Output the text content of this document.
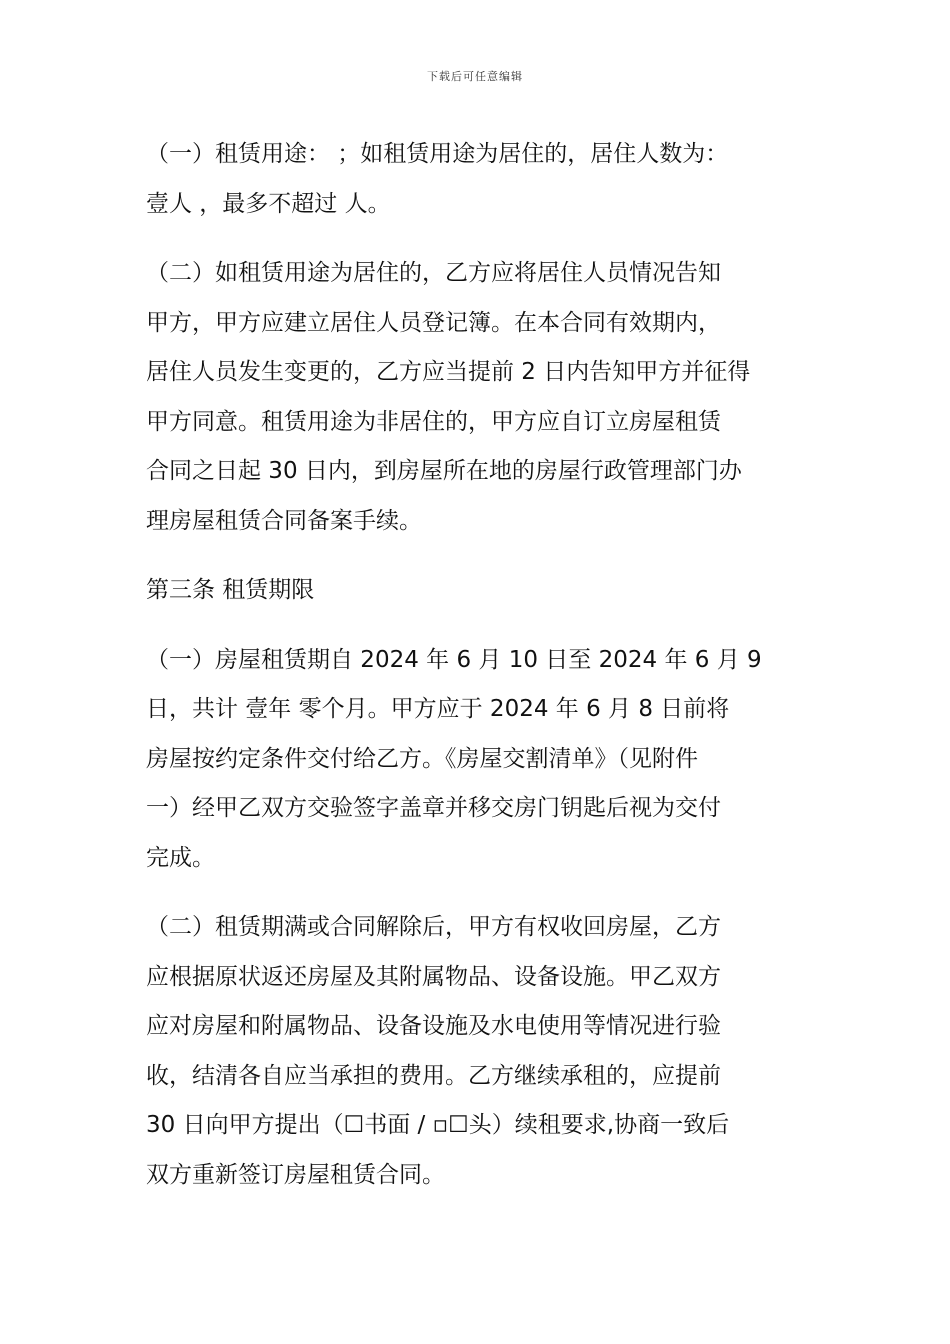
下载后可任意编辑

（一）租赁用途： ；如租赁用途为居住的，居住人数为：
壹人 ，最多不超过 人。

（二）如租赁用途为居住的，乙方应将居住人员情况告知
甲方，甲方应建立居住人员登记簿。在本合同有效期内，
居住人员发生变更的，乙方应当提前 2 日内告知甲方并征得
甲方同意。租赁用途为非居住的，甲方应自订立房屋租赁
合同之日起 30 日内，到房屋所在地的房屋行政管理部门办
理房屋租赁合同备案手续。

第三条 租赁期限

（一）房屋租赁期自 2024 年 6 月 10 日至 2024 年 6 月 9
日，共计 壹年 零个月。甲方应于 2024 年 6 月 8 日前将
房屋按约定条件交付给乙方。《房屋交割清单》（见附件
一）经甲乙双方交验签字盖章并移交房门钥匙后视为交付
完成。

（二）租赁期满或合同解除后，甲方有权收回房屋，乙方
应根据原状返还房屋及其附属物品、设备设施。甲乙双方
应对房屋和附属物品、设备设施及水电使用等情况进行验
收，结清各自应当承担的费用。乙方继续承租的，应提前
30 日向甲方提出（☐书面 / ▫☐头）续租要求,协商一致后
双方重新签订房屋租赁合同。
